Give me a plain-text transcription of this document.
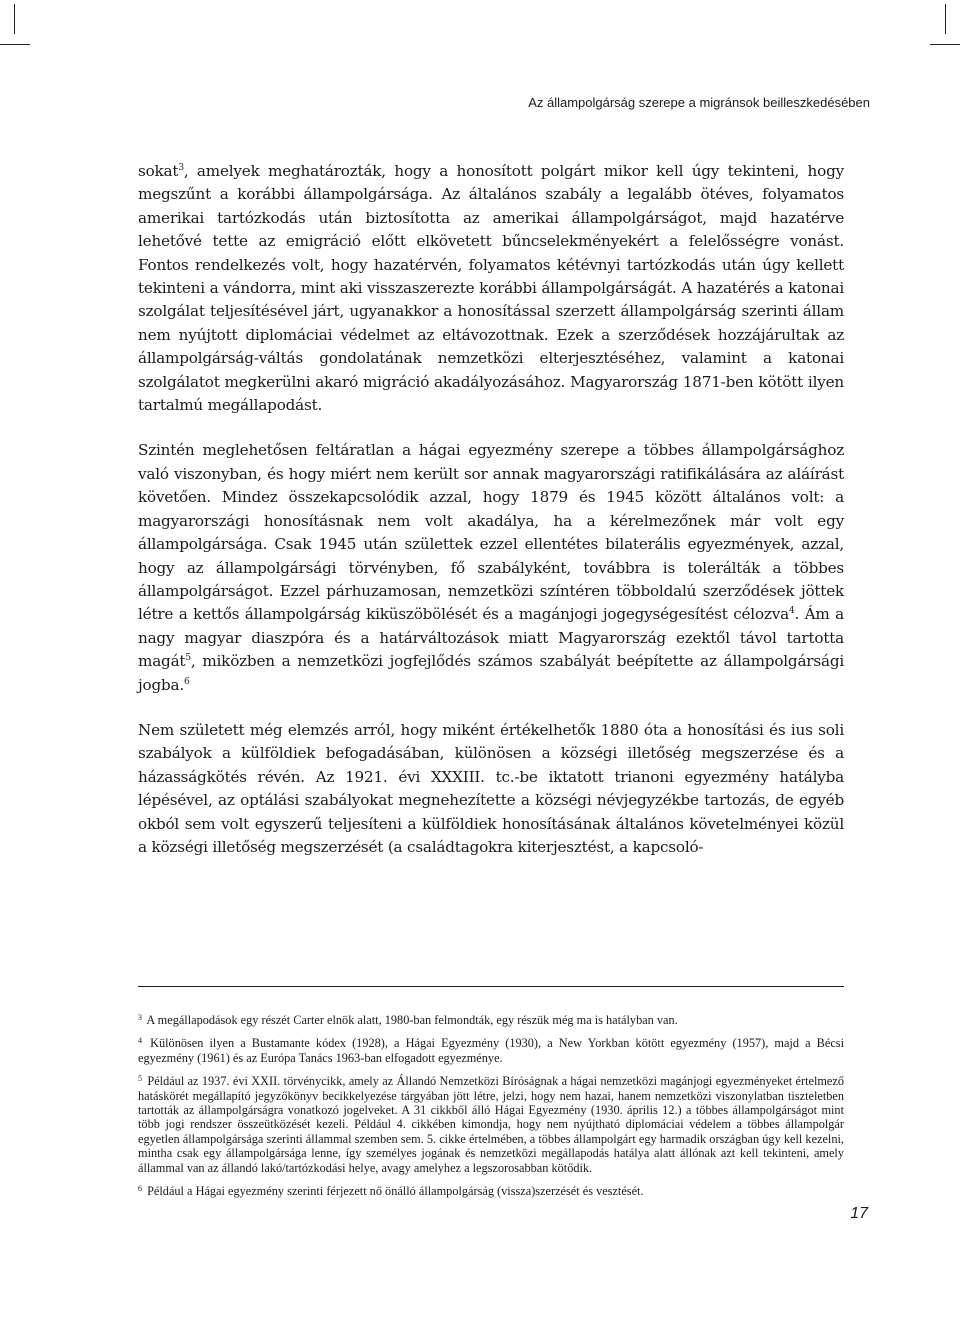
Az állampolgárság szerepe a migránsok beilleszkedésében

sokat$^3$, amelyek meghatározták, hogy a honosított polgárt mikor kell úgy tekinteni, hogy megszűnt a korábbi állampolgársága. Az általános szabály a legalább ötéves, folyamatos amerikai tartózkodás után biztosította az amerikai állampolgárságot, majd hazatérve lehetővé tette az emigráció előtt elkövetett bűncselekményekért a felelősségre vonást. Fontos rendelkezés volt, hogy hazatérvén, folyamatos kétévnyi tartózkodás után úgy kellett tekinteni a vándorra, mint aki visszaszerezte korábbi állampolgárságát. A hazatérés a katonai szolgálat teljesítésével járt, ugyanakkor a honosítással szerzett állampolgárság szerinti állam nem nyújtott diplomáciai védelmet az eltávozottnak. Ezek a szerződések hozzájárultak az állampolgárság-váltás gondolatának nemzetközi elterjesztéséhez, valamint a katonai szolgálatot megkerülni akaró migráció akadályozásához. Magyarország 1871-ben kötött ilyen tartalmú megállapodást.

Szintén meglehetősen feltáratlan a hágai egyezmény szerepe a többes állampolgársághoz való viszonyban, és hogy miért nem került sor annak magyarországi ratifikálására az aláírást követően. Mindez összekapcsolódik azzal, hogy 1879 és 1945 között általános volt: a magyarországi honosításnak nem volt akadálya, ha a kérelmezőnek már volt egy állampolgársága. Csak 1945 után születtek ezzel ellentétes bilaterális egyezmények, azzal, hogy az állampolgársági törvényben, fő szabályként, továbbra is tolerálták a többes állampolgárságot. Ezzel párhuzamosan, nemzetközi színtéren többoldalú szerződések jöttek létre a kettős állampolgárság kiküszöbölését és a magánjogi jogegységesítést célozva$^4$. Ám a nagy magyar diaszpóra és a határváltozások miatt Magyarország ezektől távol tartotta magát$^5$, miközben a nemzetközi jogfejlődés számos szabályát beépítette az állampolgársági jogba.$^6$

Nem született még elemzés arról, hogy miként értékelhetők 1880 óta a honosítási és ius soli szabályok a külföldiek befogadásában, különösen a községi illetőség megszerzése és a házasságkötés révén. Az 1921. évi XXXIII. tc.-be iktatott trianoni egyezmény hatályba lépésével, az optálási szabályokat megnehezítette a községi névjegyzékbe tartozás, de egyéb okból sem volt egyszerű teljesíteni a külföldiek honosításának általános követelményei közül a községi illetőség megszerzését (a családtagokra kiterjesztést, a kapcsoló-

$^3$ A megállapodások egy részét Carter elnök alatt, 1980-ban felmondták, egy részük még ma is hatályban van.
$^4$ Különösen ilyen a Bustamante kódex (1928), a Hágai Egyezmény (1930), a New Yorkban kötött egyezmény (1957), majd a Bécsi egyezmény (1961) és az Európa Tanács 1963-ban elfogadott egyezménye.
$^5$ Például az 1937. évi XXII. törvénycikk, amely az Állandó Nemzetközi Bíróságnak a hágai nemzetközi magánjogi egyezményeket értelmező hatáskörét megállapító jegyzőkönyv becikkelyezése tárgyában jött létre, jelzi, hogy nem hazai, hanem nemzetközi viszonylatban tiszteletben tartották az állampolgárságra vonatkozó jogelveket. A 31 cikkből álló Hágai Egyezmény (1930. április 12.) a többes állampolgárságot mint több jogi rendszer összeütközését kezeli. Például 4. cikkében kimondja, hogy nem nyújtható diplomáciai védelem a többes állampolgár egyetlen állampolgársága szerinti állammal szemben sem. 5. cikke értelmében, a többes állampolgárt egy harmadik országban úgy kell kezelni, mintha csak egy állampolgársága lenne, így személyes jogának és nemzetközi megállapodás hatálya alatt állónak azt kell tekinteni, amely állammal van az állandó lakó/tartózkodási helye, avagy amelyhez a legszorosabban kötődik.
$^6$ Például a Hágai egyezmény szerinti férjezett nő önálló állampolgárság (vissza)szerzését és vesztését.
17
